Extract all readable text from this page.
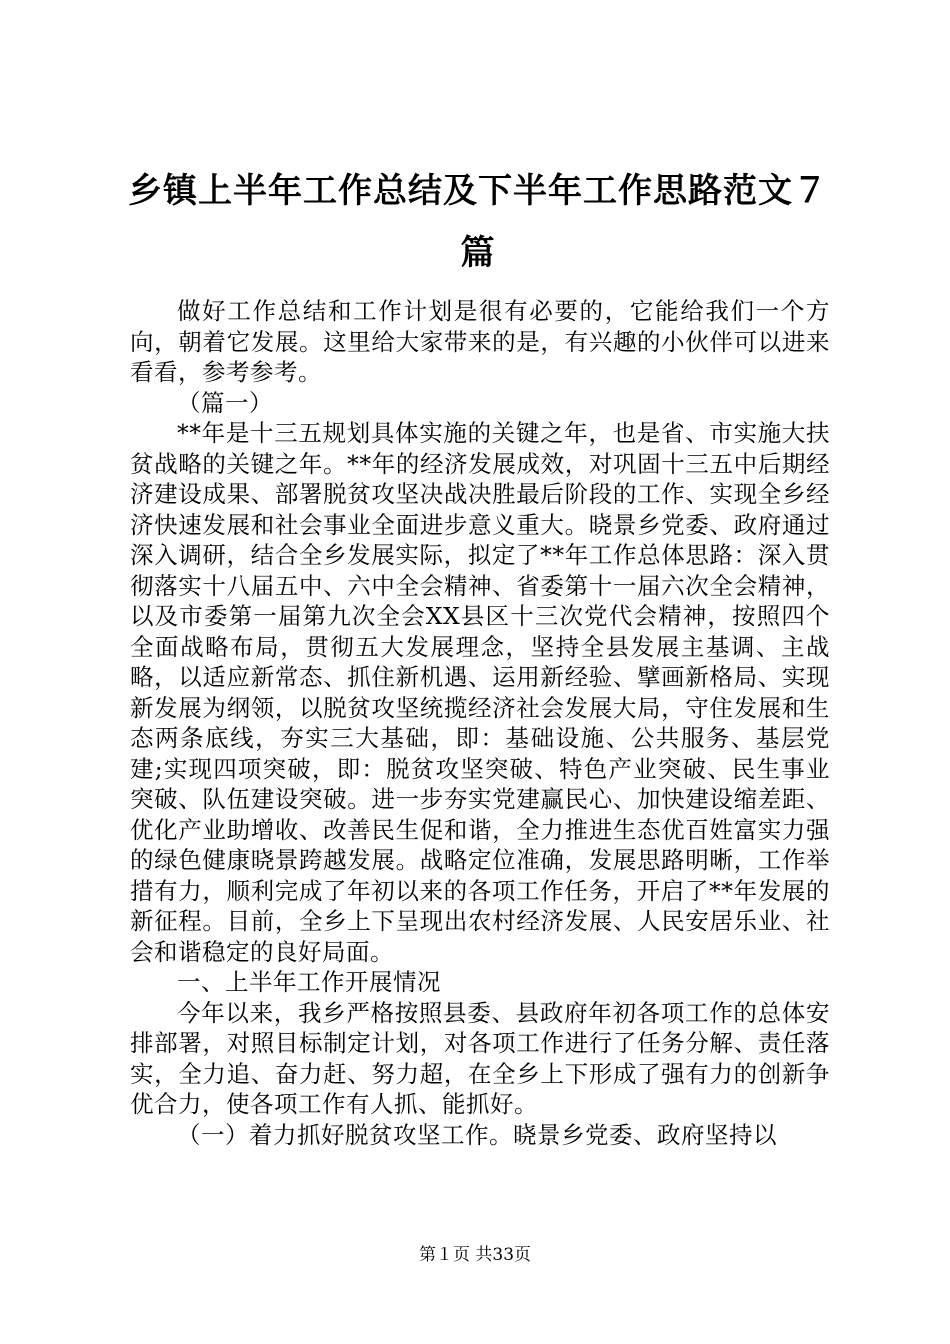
乡镇上半年工作总结及下半年工作思路范文７篇

做好工作总结和工作计划是很有必要的，它能给我们一个方向，朝着它发展。这里给大家带来的是，有兴趣的小伙伴可以进来看看，参考参考。

（篇一）

**年是十三五规划具体实施的关键之年，也是省、市实施大扶贫战略的关键之年。**年的经济发展成效，对巩固十三五中后期经济建设成果、部署脱贫攻坚决战决胜最后阶段的工作、实现全乡经济快速发展和社会事业全面进步意义重大。晓景乡党委、政府通过深入调研，结合全乡发展实际，拟定了**年工作总体思路：深入贯彻落实十八届五中、六中全会精神、省委第十一届六次全会精神，以及市委第一届第九次全会XX县区十三次党代会精神，按照四个全面战略布局，贯彻五大发展理念，坚持全县发展主基调、主战略，以适应新常态、抓住新机遇、运用新经验、擘画新格局、实现新发展为纲领，以脱贫攻坚统揽经济社会发展大局，守住发展和生态两条底线，夯实三大基础，即：基础设施、公共服务、基层党建;实现四项突破，即：脱贫攻坚突破、特色产业突破、民生事业突破、队伍建设突破。进一步夯实党建赢民心、加快建设缩差距、优化产业助增收、改善民生促和谐，全力推进生态优百姓富实力强的绿色健康晓景跨越发展。战略定位准确，发展思路明晰，工作举措有力，顺利完成了年初以来的各项工作任务，开启了**年发展的新征程。目前，全乡上下呈现出农村经济发展、人民安居乐业、社会和谐稳定的良好局面。

一、上半年工作开展情况

今年以来，我乡严格按照县委、县政府年初各项工作的总体安排部署，对照目标制定计划，对各项工作进行了任务分解、责任落实，全力追、奋力赶、努力超，在全乡上下形成了强有力的创新争优合力，使各项工作有人抓、能抓好。

（一）着力抓好脱贫攻坚工作。晓景乡党委、政府坚持以

第１页 共33页
